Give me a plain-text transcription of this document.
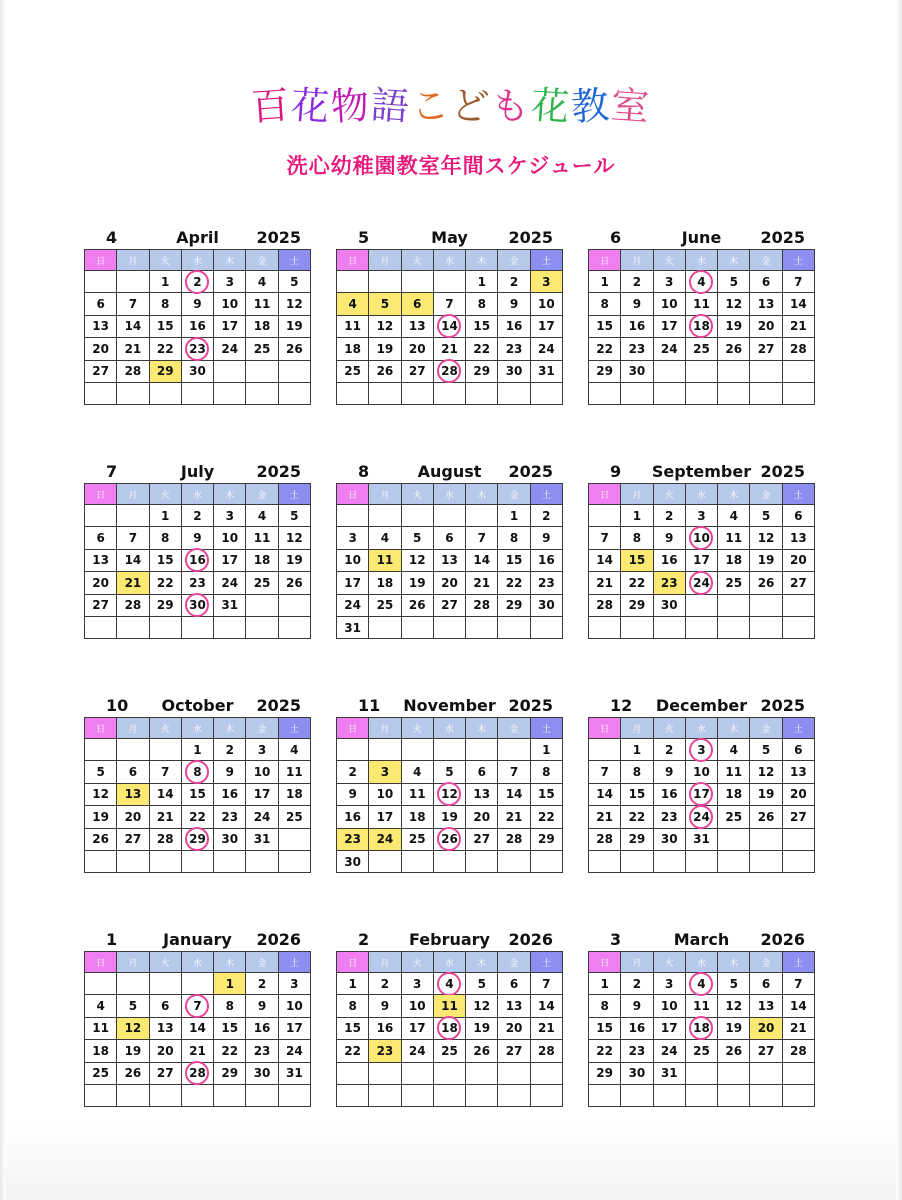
百花物語こども花教室
洗心幼稚園教室年間スケジュール
4	April	2025
日	月	火	水	木	金	土
		1	2	3	4	5
6	7	8	9	10	11	12
13	14	15	16	17	18	19
20	21	22	23	24	25	26
27	28	29	30			

5	May	2025
日	月	火	水	木	金	土
				1	2	3
4	5	6	7	8	9	10
11	12	13	14	15	16	17
18	19	20	21	22	23	24
25	26	27	28	29	30	31

6	June	2025
日	月	火	水	木	金	土
1	2	3	4	5	6	7
8	9	10	11	12	13	14
15	16	17	18	19	20	21
22	23	24	25	26	27	28
29	30					

7	July	2025
日	月	火	水	木	金	土
		1	2	3	4	5
6	7	8	9	10	11	12
13	14	15	16	17	18	19
20	21	22	23	24	25	26
27	28	29	30	31		

8	August	2025
日	月	火	水	木	金	土
					1	2
3	4	5	6	7	8	9
10	11	12	13	14	15	16
17	18	19	20	21	22	23
24	25	26	27	28	29	30
31						
9	September 2025
日	月	火	水	木	金	土
	1	2	3	4	5	6
7	8	9	10	11	12	13
14	15	16	17	18	19	20
21	22	23	24	25	26	27
28	29	30				

10	October	2025
日	月	火	水	木	金	土
			1	2	3	4
5	6	7	8	9	10	11
12	13	14	15	16	17	18
19	20	21	22	23	24	25
26	27	28	29	30	31	

11	November 2025
日	月	火	水	木	金	土
						1
2	3	4	5	6	7	8
9	10	11	12	13	14	15
16	17	18	19	20	21	22
23	24	25	26	27	28	29
30						
12	December 2025
日	月	火	水	木	金	土
	1	2	3	4	5	6
7	8	9	10	11	12	13
14	15	16	17	18	19	20
21	22	23	24	25	26	27
28	29	30	31			

1	January	2026
日	月	火	水	木	金	土
				1	2	3
4	5	6	7	8	9	10
11	12	13	14	15	16	17
18	19	20	21	22	23	24
25	26	27	28	29	30	31

2	February	2026
日	月	火	水	木	金	土
1	2	3	4	5	6	7
8	9	10	11	12	13	14
15	16	17	18	19	20	21
22	23	24	25	26	27	28

3	March	2026
日	月	火	水	木	金	土
1	2	3	4	5	6	7
8	9	10	11	12	13	14
15	16	17	18	19	20	21
22	23	24	25	26	27	28
29	30	31				
